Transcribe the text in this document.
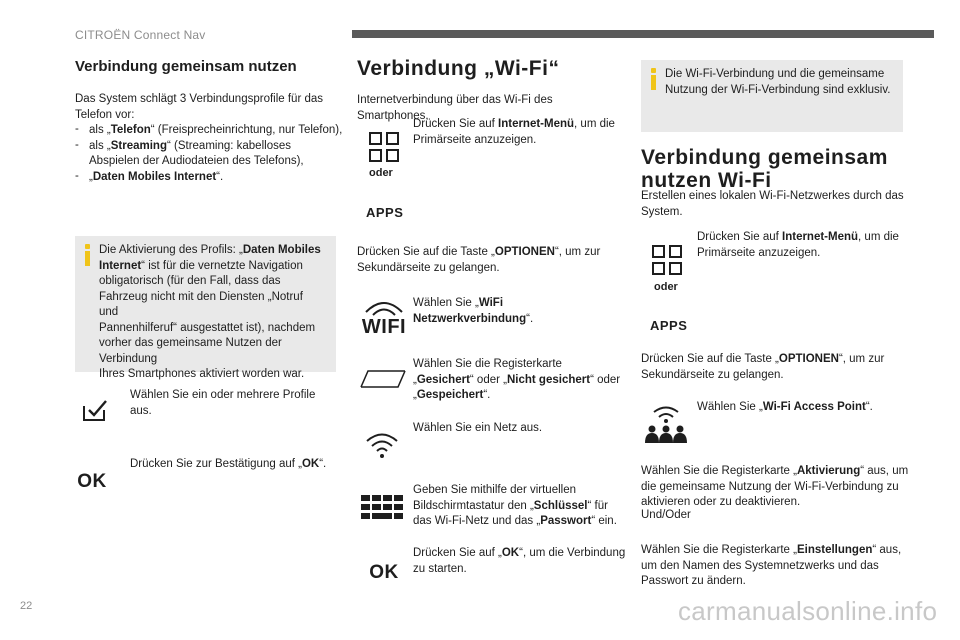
CITROËN Connect Nav
22	carmanualsonline.info
Verbindung gemeinsam nutzen

Das System schlägt 3 Verbindungsprofile für das

Telefon vor:

- als „Telefon“ (Freisprecheinrichtung, nur Telefon),

- als „Streaming“ (Streaming: kabelloses
Abspielen der Audiodateien des Telefons),

- „Daten Mobiles Internet“.

Die Aktivierung des Profils: „Daten Mobiles

Internet“ ist für die vernetzte Navigation

obligatorisch (für den Fall, dass das

Fahrzeug nicht mit den Diensten „Notruf und

Pannenhilferuf“ ausgestattet ist), nachdem

vorher das gemeinsame Nutzen der Verbindung

Ihres Smartphones aktiviert worden war.

Wählen Sie ein oder mehrere Profile aus.

OK

Drücken Sie zur Bestätigung auf „OK“.

Verbindung „Wi-Fi“

Internetverbindung über das Wi-Fi des Smartphones.

Drücken Sie auf Internet-Menü, um die
Primärseite anzuzeigen.

oder
APPS

Drücken Sie auf die Taste „OPTIONEN“, um zur
Sekundärseite zu gelangen.

WIFI

Wählen Sie „WiFi
Netzwerkverbindung“.

Wählen Sie die Registerkarte
„Gesichert“ oder „Nicht gesichert“ oder
„Gespeichert“.

Wählen Sie ein Netz aus.

Geben Sie mithilfe der virtuellen
Bildschirmtastatur den „Schlüssel“ für
das Wi-Fi-Netz und das „Passwort“ ein.

OK

Drücken Sie auf „OK“, um die Verbindung
zu starten.

Die Wi-Fi-Verbindung und die gemeinsame

Nutzung der Wi-Fi-Verbindung sind exklusiv.

Verbindung gemeinsam
nutzen Wi-Fi

Erstellen eines lokalen Wi-Fi-Netzwerkes durch das
System.

Drücken Sie auf Internet-Menü, um die
Primärseite anzuzeigen.

oder
APPS

Drücken Sie auf die Taste „OPTIONEN“, um zur
Sekundärseite zu gelangen.

Wählen Sie „Wi-Fi Access Point“.

Wählen Sie die Registerkarte „Aktivierung“ aus, um
die gemeinsame Nutzung der Wi-Fi-Verbindung zu
aktivieren oder zu deaktivieren.

Und/Oder

Wählen Sie die Registerkarte „Einstellungen“ aus,
um den Namen des Systemnetzwerks und das
Passwort zu ändern.
